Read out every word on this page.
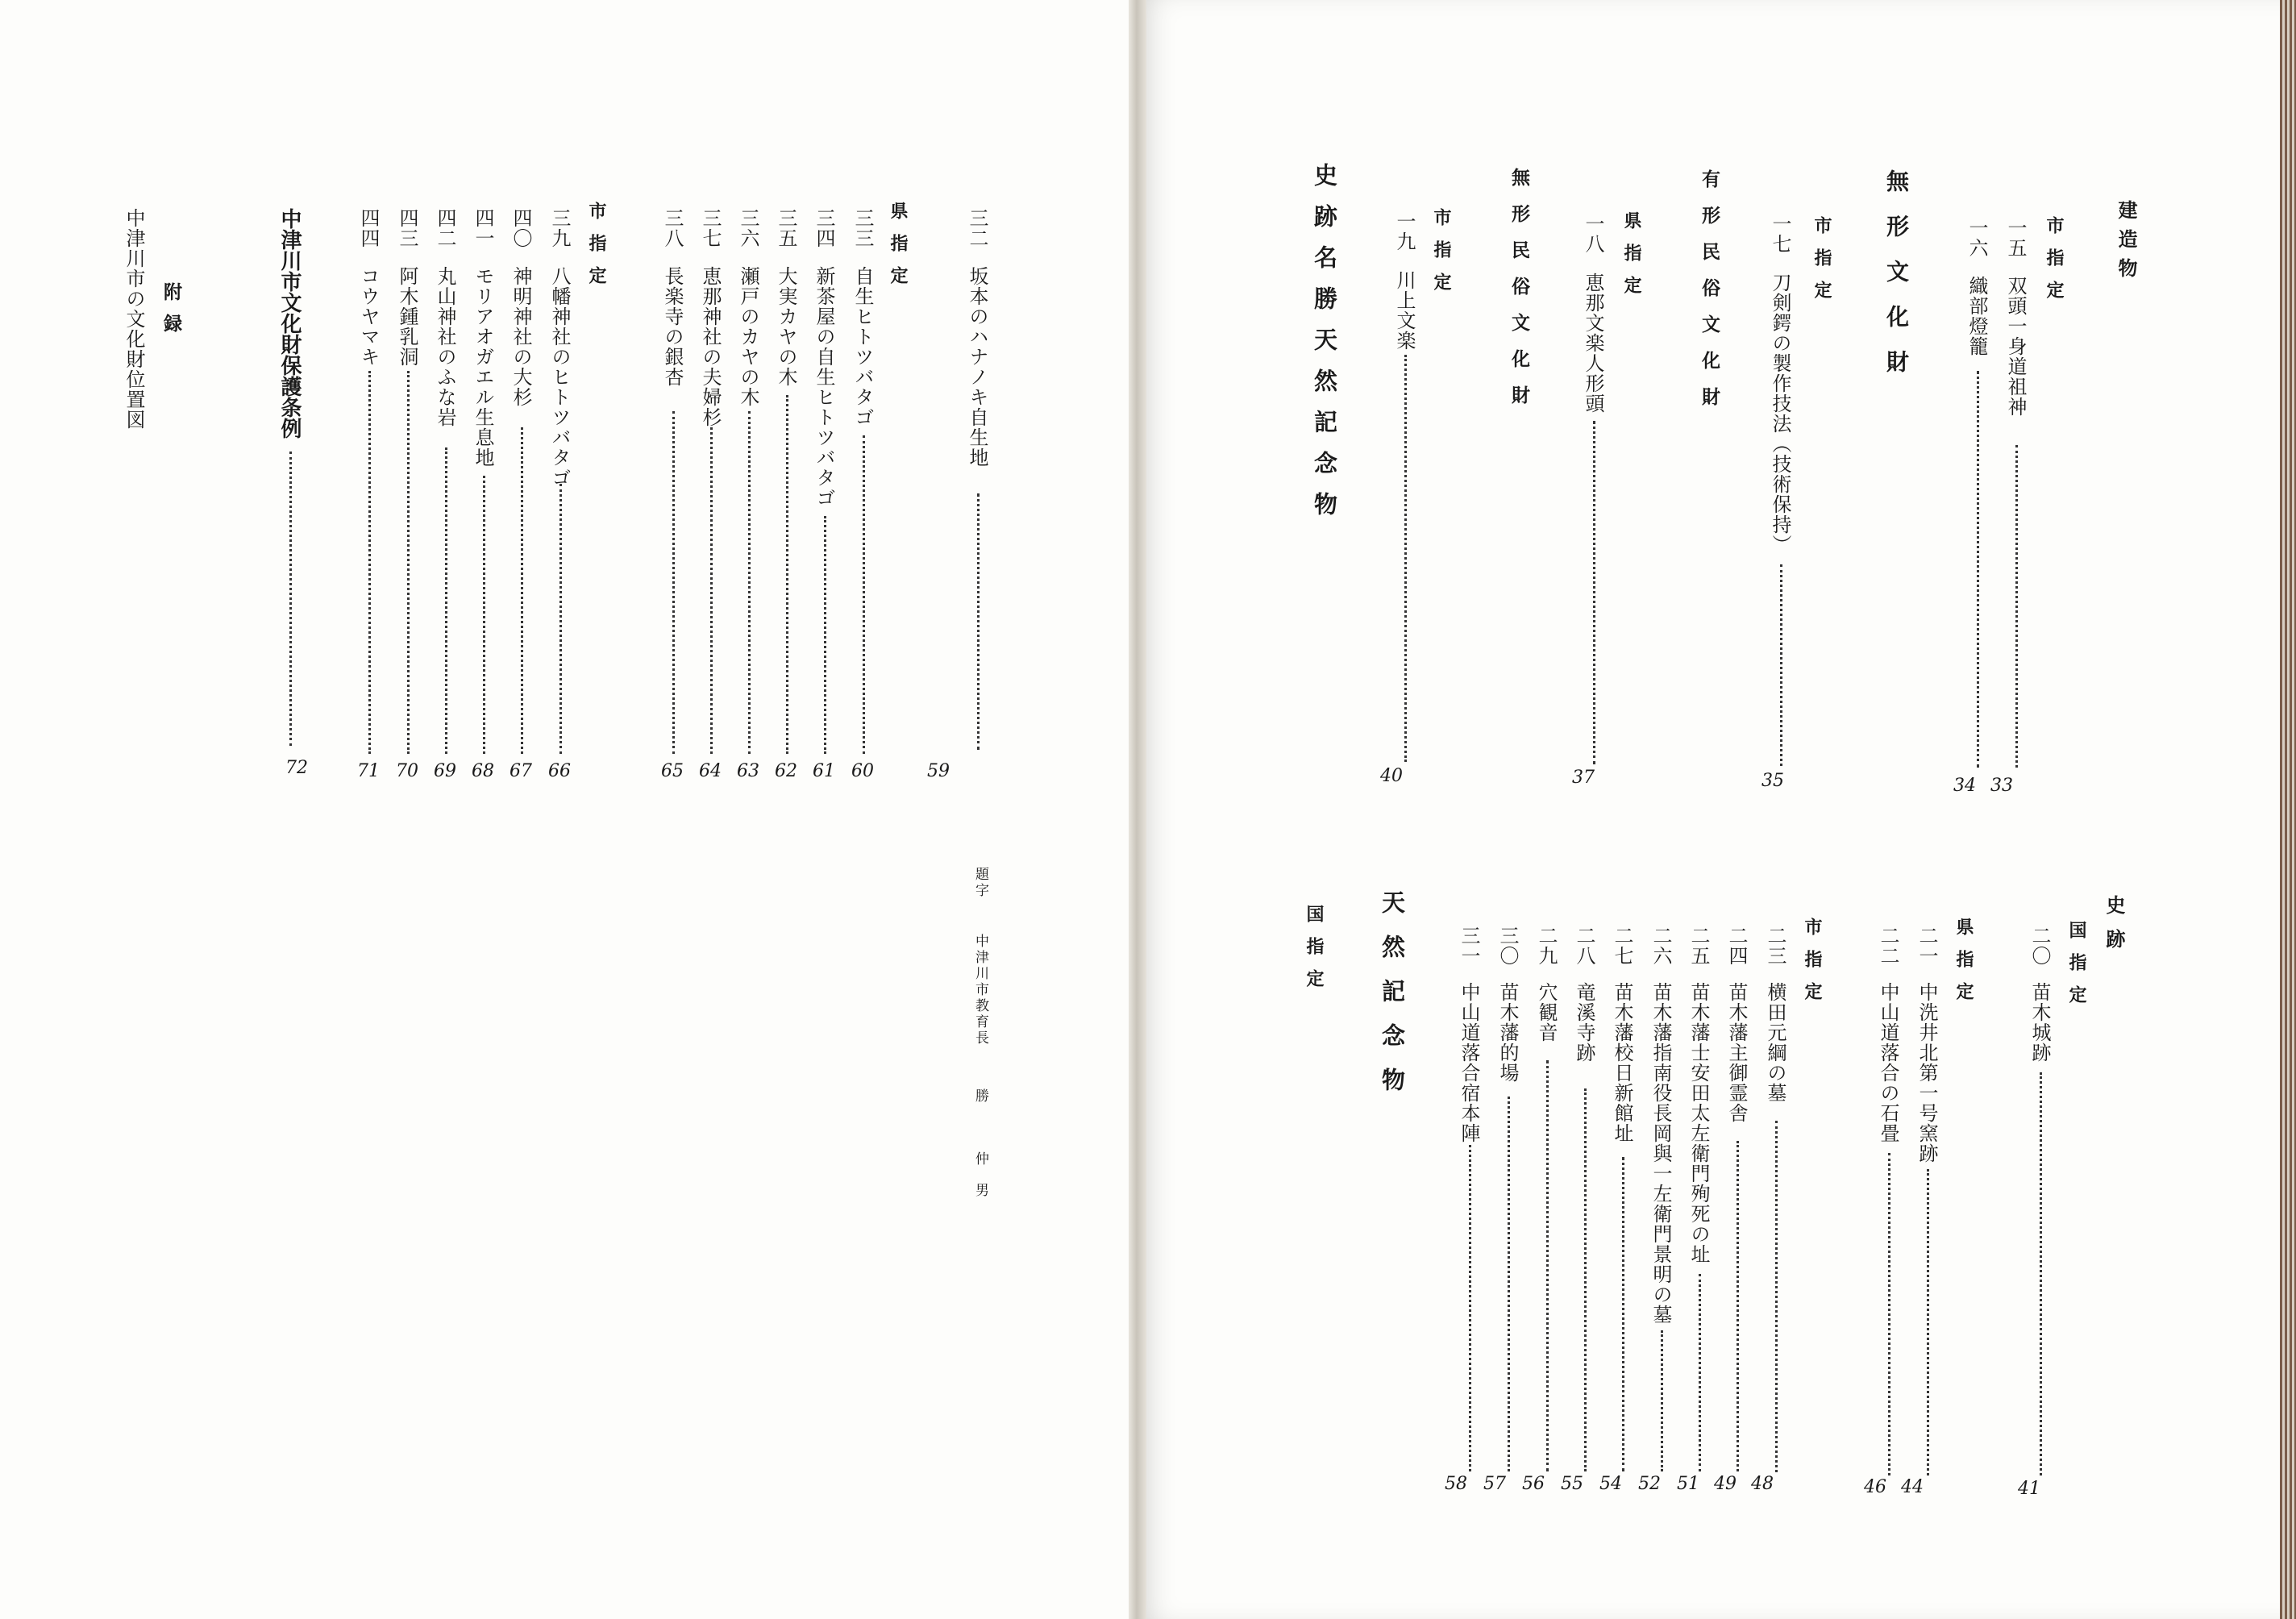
三二
坂本のハナノキ自生地
59
県指定
三三
自生ヒトツバタゴ
60
三四
新茶屋の自生ヒトツバタゴ
61
三五
大実カヤの木
62
三六
瀬戸のカヤの木
63
三七
恵那神社の夫婦杉
64
三八
長楽寺の銀杏
65
市指定
三九
八幡神社のヒトツバタゴ
66
四〇
神明神社の大杉
67
四一
モリアオガエル生息地
68
四二
丸山神社のふな岩
69
四三
阿木鍾乳洞
70
四四
コウヤマキ
71
中津川市文化財保護条例
72
附録
中津川市の文化財位置図
題字
中津川市教育長
勝　仲男
建造物
市指定
一五
双頭一身道祖神
33
一六
織部燈籠
34
無形文化財
市指定
一七
刀剣鍔の製作技法（技術保持）
35
有形民俗文化財
県指定
一八
恵那文楽人形頭
37
無形民俗文化財
市指定
一九
川上文楽
40
史跡名勝天然記念物
史跡
国指定
二〇
苗木城跡
41
県指定
二一
中洗井北第一号窯跡
44
二二
中山道落合の石畳
46
市指定
二三
横田元綱の墓
48
二四
苗木藩主御霊舎
49
二五
苗木藩士安田太左衛門殉死の址
51
二六
苗木藩指南役長岡與一左衛門景明の墓
52
二七
苗木藩校日新館址
54
二八
竜溪寺跡
55
二九
穴観音
56
三〇
苗木藩的場
57
三一
中山道落合宿本陣
58
天然記念物
国指定
